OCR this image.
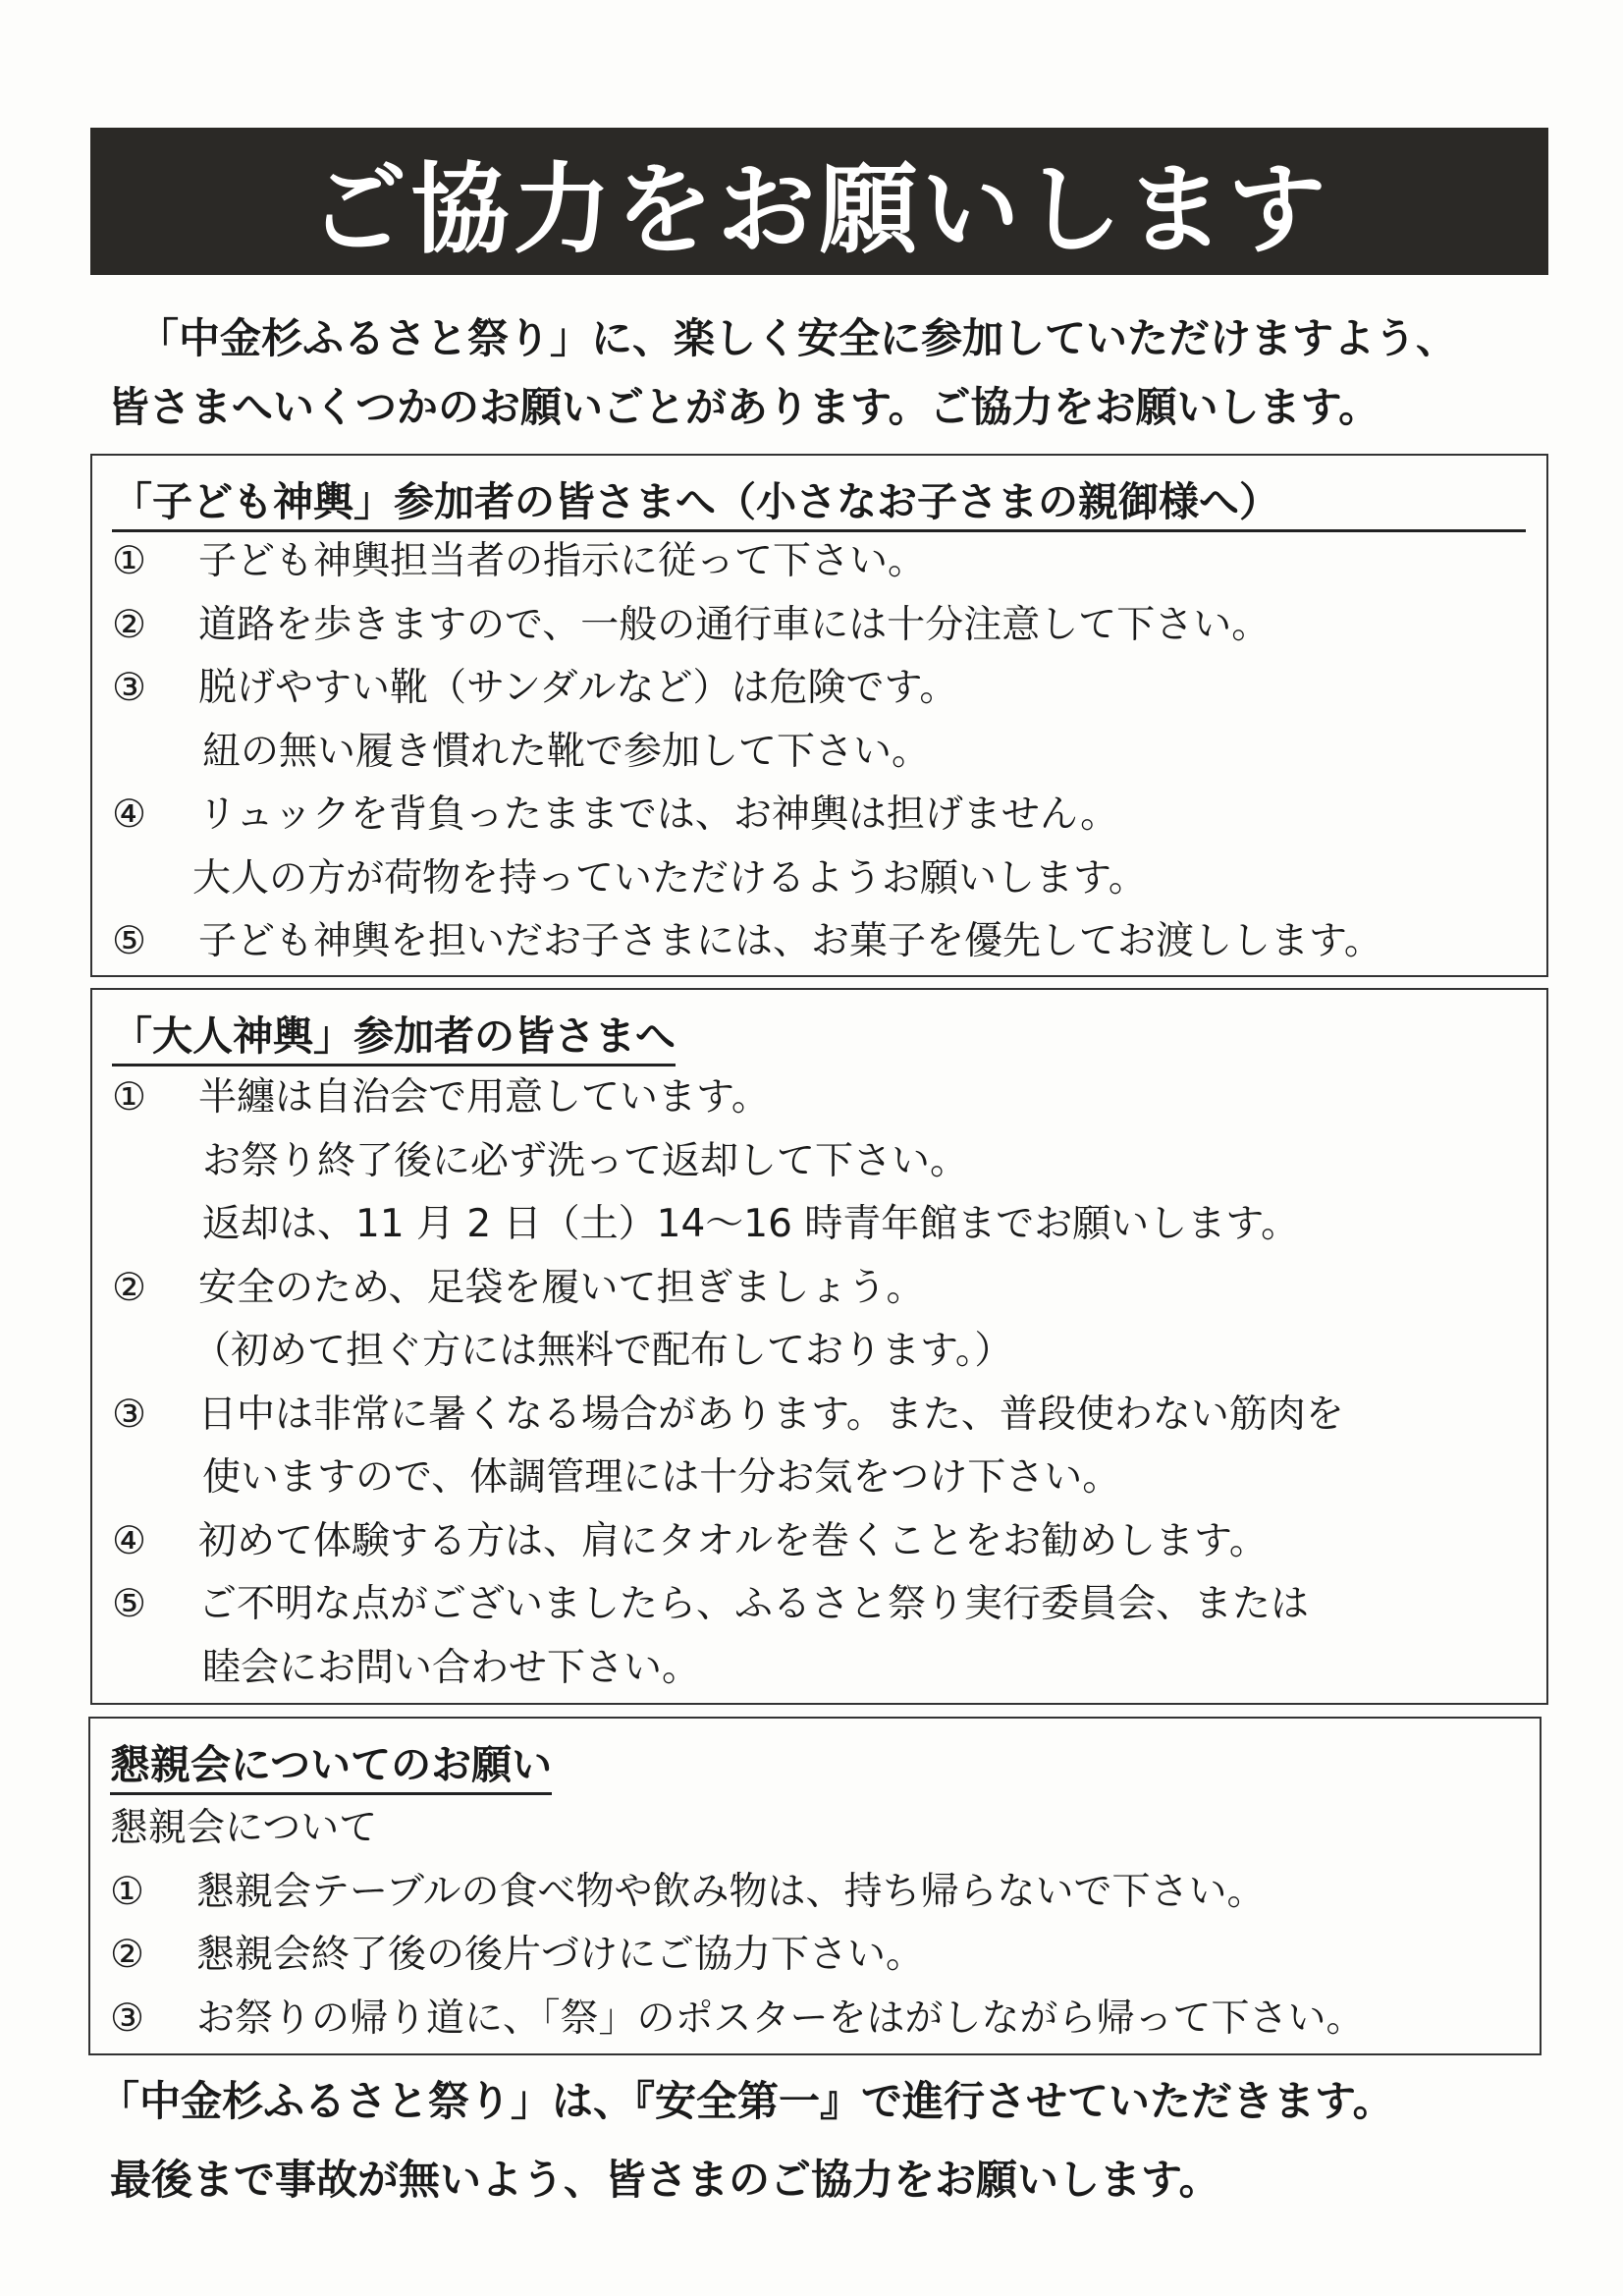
ご協力をお願いします
「中金杉ふるさと祭り」に、楽しく安全に参加していただけますよう、
皆さまへいくつかのお願いごとがあります。ご協力をお願いします。
「子ども神輿」参加者の皆さまへ（小さなお子さまの親御様へ）
①	子ども神輿担当者の指示に従って下さい。
②	道路を歩きますので、一般の通行車には十分注意して下さい。
③	脱げやすい靴（サンダルなど）は危険です。
紐の無い履き慣れた靴で参加して下さい。
④	リュックを背負ったままでは、お神輿は担げません。
大人の方が荷物を持っていただけるようお願いします。
⑤	子ども神輿を担いだお子さまには、お菓子を優先してお渡しします。
「大人神輿」参加者の皆さまへ
①	半纏は自治会で用意しています。
お祭り終了後に必ず洗って返却して下さい。
返却は、11 月 2 日（土）14～16 時青年館までお願いします。
②	安全のため、足袋を履いて担ぎましょう。
（初めて担ぐ方には無料で配布しております。）
③	日中は非常に暑くなる場合があります。また、普段使わない筋肉を
使いますので、体調管理には十分お気をつけ下さい。
④	初めて体験する方は、肩にタオルを巻くことをお勧めします。
⑤	ご不明な点がございましたら、ふるさと祭り実行委員会、または
睦会にお問い合わせ下さい。
懇親会についてのお願い
懇親会について
①	懇親会テーブルの食べ物や飲み物は、持ち帰らないで下さい。
②	懇親会終了後の後片づけにご協力下さい。
③	お祭りの帰り道に、「祭」のポスターをはがしながら帰って下さい。
「中金杉ふるさと祭り」は、『安全第一』で進行させていただきます。
最後まで事故が無いよう、皆さまのご協力をお願いします。
